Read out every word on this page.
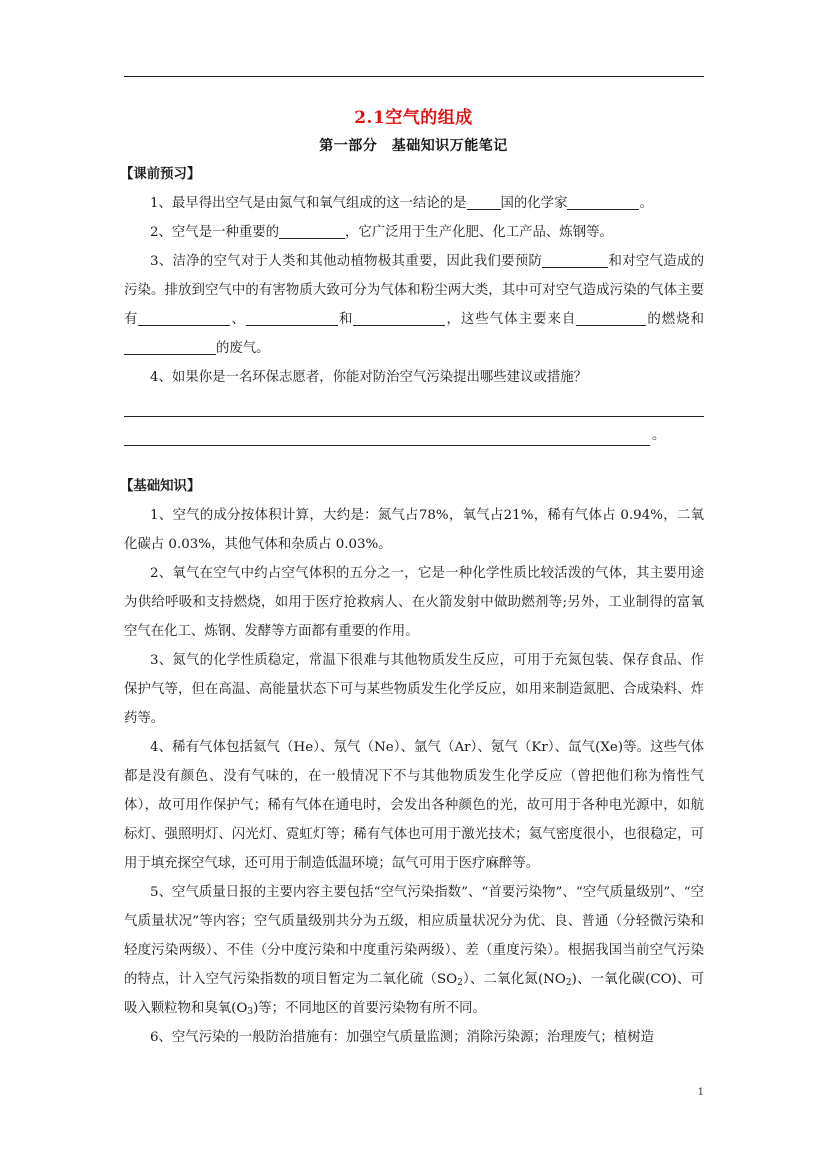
2.1空气的组成
第一部分　基础知识万能笔记
【课前预习】

1、最早得出空气是由氮气和氧气组成的这一结论的是	国的化学家	。

2、空气是一种重要的	，它广泛用于生产化肥、化工产品、炼钢等。

3、洁净的空气对于人类和其他动植物极其重要，因此我们要预防	和对空气造成的污染。排放到空气中的有害物质大致可分为气体和粉尘两大类，其中可对空气造成污染的气体主要有	、	和	，这些气体主要来自	的燃烧和的废气。

4、如果你是一名环保志愿者，你能对防治空气污染提出哪些建议或措施？

。
【基础知识】

1、空气的成分按体积计算，大约是：氮气占78%，氧气占21%，稀有气体占 0.94%，二氧化碳占 0.03%，其他气体和杂质占 0.03%。

2、氧气在空气中约占空气体积的五分之一，它是一种化学性质比较活泼的气体，其主要用途为供给呼吸和支持燃烧，如用于医疗抢救病人、在火箭发射中做助燃剂等;另外，工业制得的富氧空气在化工、炼钢、发酵等方面都有重要的作用。

3、氮气的化学性质稳定，常温下很难与其他物质发生反应，可用于充氮包装、保存食品、作保护气等，但在高温、高能量状态下可与某些物质发生化学反应，如用来制造氮肥、合成染料、炸药等。

4、稀有气体包括氦气（He）、氖气（Ne）、氩气（Ar）、氪气（Kr）、氙气(Xe)等。这些气体都是没有颜色、没有气味的，在一般情况下不与其他物质发生化学反应（曾把他们称为惰性气体），故可用作保护气；稀有气体在通电时，会发出各种颜色的光，故可用于各种电光源中，如航标灯、强照明灯、闪光灯、霓虹灯等；稀有气体也可用于激光技术；氦气密度很小，也很稳定，可用于填充探空气球，还可用于制造低温环境；氙气可用于医疗麻醉等。

5、空气质量日报的主要内容主要包括“空气污染指数”、“首要污染物”、“空气质量级别”、“空气质量状况”等内容；空气质量级别共分为五级，相应质量状况分为优、良、普通（分轻微污染和轻度污染两级）、不佳（分中度污染和中度重污染两级）、差（重度污染）。根据我国当前空气污染的特点，计入空气污染指数的项目暂定为二氧化硫$(SO_2)$、二氧化氮$(NO_2)$、一氧化碳(CO)、可吸入颗粒物和臭氧$(O_3)$等；不同地区的首要污染物有所不同。

6、空气污染的一般防治措施有：加强空气质量监测；消除污染源；治理废气；植树造

1
